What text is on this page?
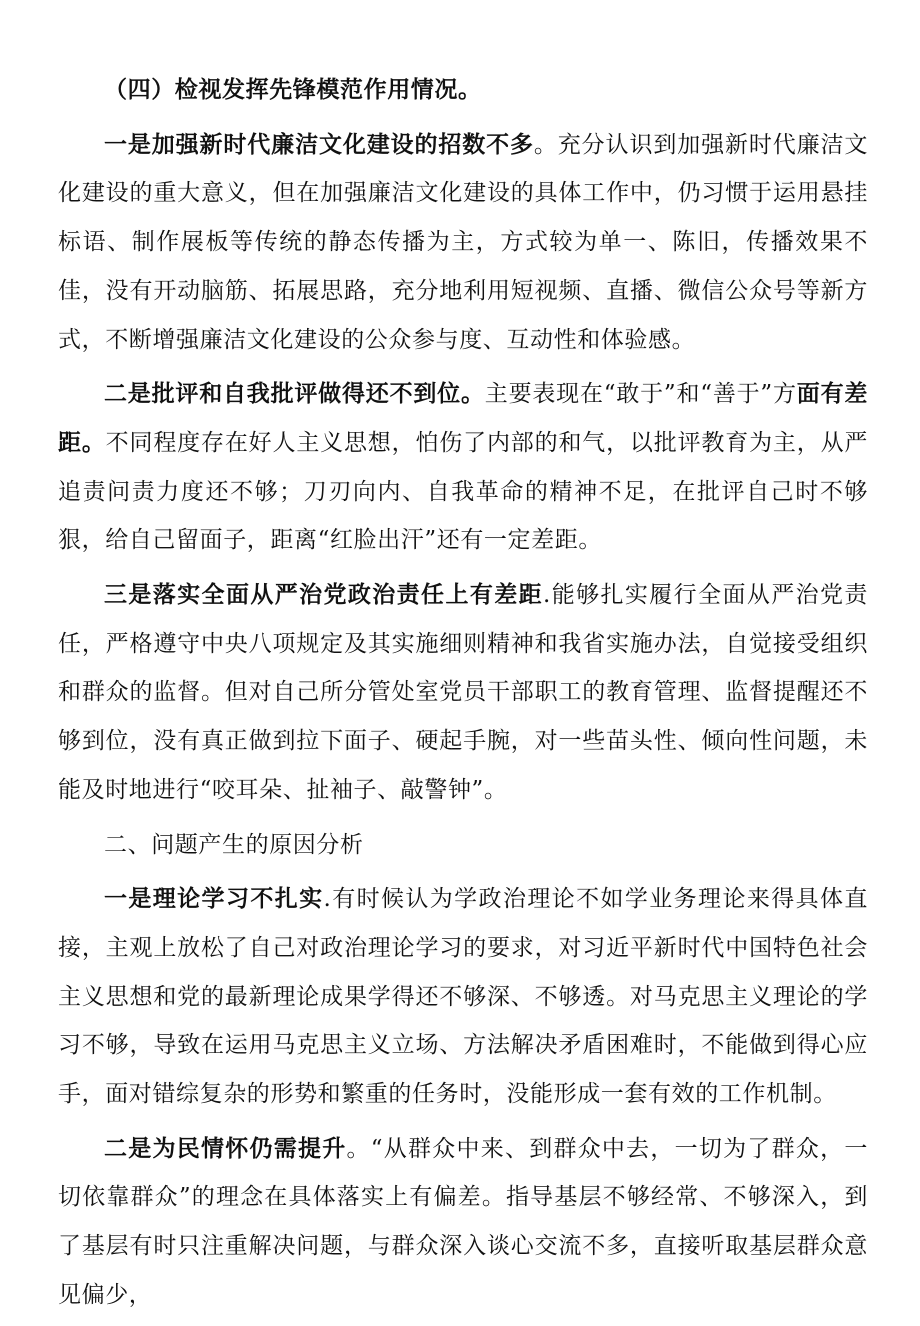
（四）检视发挥先锋模范作用情况。

一是加强新时代廉洁文化建设的招数不多。充分认识到加强新时代廉洁文化建设的重大意义，但在加强廉洁文化建设的具体工作中，仍习惯于运用悬挂标语、制作展板等传统的静态传播为主，方式较为单一、陈旧，传播效果不佳，没有开动脑筋、拓展思路，充分地利用短视频、直播、微信公众号等新方式，不断增强廉洁文化建设的公众参与度、互动性和体验感。

二是批评和自我批评做得还不到位。主要表现在“敢于”和“善于”方面有差距。不同程度存在好人主义思想，怕伤了内部的和气，以批评教育为主，从严追责问责力度还不够；刀刃向内、自我革命的精神不足，在批评自己时不够狠，给自己留面子，距离“红脸出汗”还有一定差距。

三是落实全面从严治党政治责任上有差距.能够扎实履行全面从严治党责任，严格遵守中央八项规定及其实施细则精神和我省实施办法，自觉接受组织和群众的监督。但对自己所分管处室党员干部职工的教育管理、监督提醒还不够到位，没有真正做到拉下面子、硬起手腕，对一些苗头性、倾向性问题，未能及时地进行“咬耳朵、扯袖子、敲警钟”。

二、问题产生的原因分析

一是理论学习不扎实.有时候认为学政治理论不如学业务理论来得具体直接，主观上放松了自己对政治理论学习的要求，对习近平新时代中国特色社会主义思想和党的最新理论成果学得还不够深、不够透。对马克思主义理论的学习不够，导致在运用马克思主义立场、方法解决矛盾困难时，不能做到得心应手，面对错综复杂的形势和繁重的任务时，没能形成一套有效的工作机制。

二是为民情怀仍需提升。“从群众中来、到群众中去，一切为了群众，一切依靠群众”的理念在具体落实上有偏差。指导基层不够经常、不够深入，到了基层有时只注重解决问题，与群众深入谈心交流不多，直接听取基层群众意见偏少，
